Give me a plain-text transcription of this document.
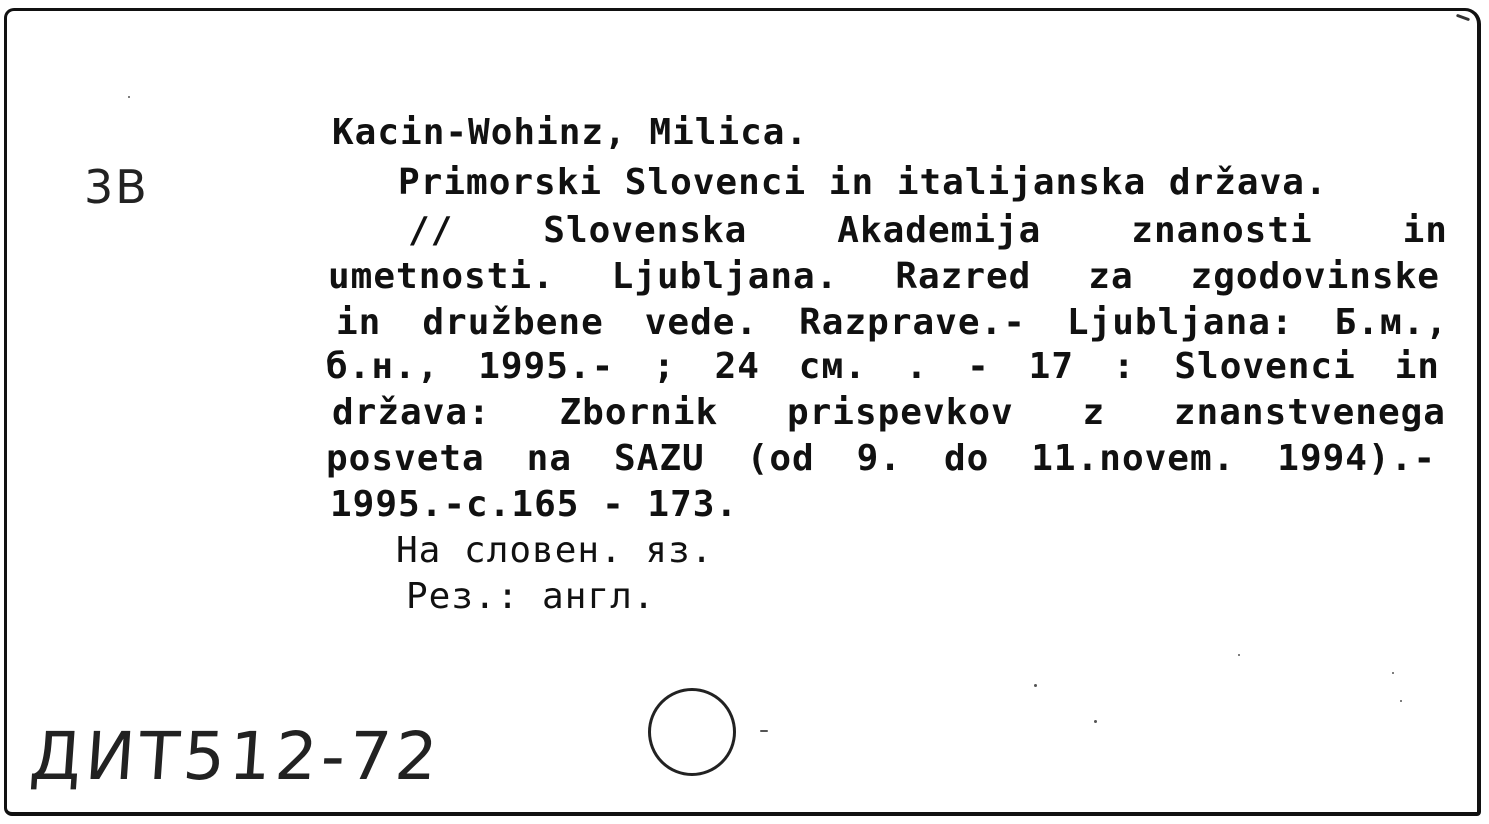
3В
Kacin-Wohinz, Milica.
Primorski Slovenci in italijanska država.
// Slovenska Akademija znanosti in
umetnosti. Ljubljana. Razred za zgodovinske
in družbene vede. Razprave.- Ljubljana: Б.м.,
б.н., 1995.- ; 24 см. . - 17 : Slovenci in
država: Zbornik prispevkov z znanstvenega
posveta na SAZU (od 9. do 11.novem. 1994).-
1995.-с.165 - 173.
На словен. яз.
Рез.: англ.
ДИТ512-72
